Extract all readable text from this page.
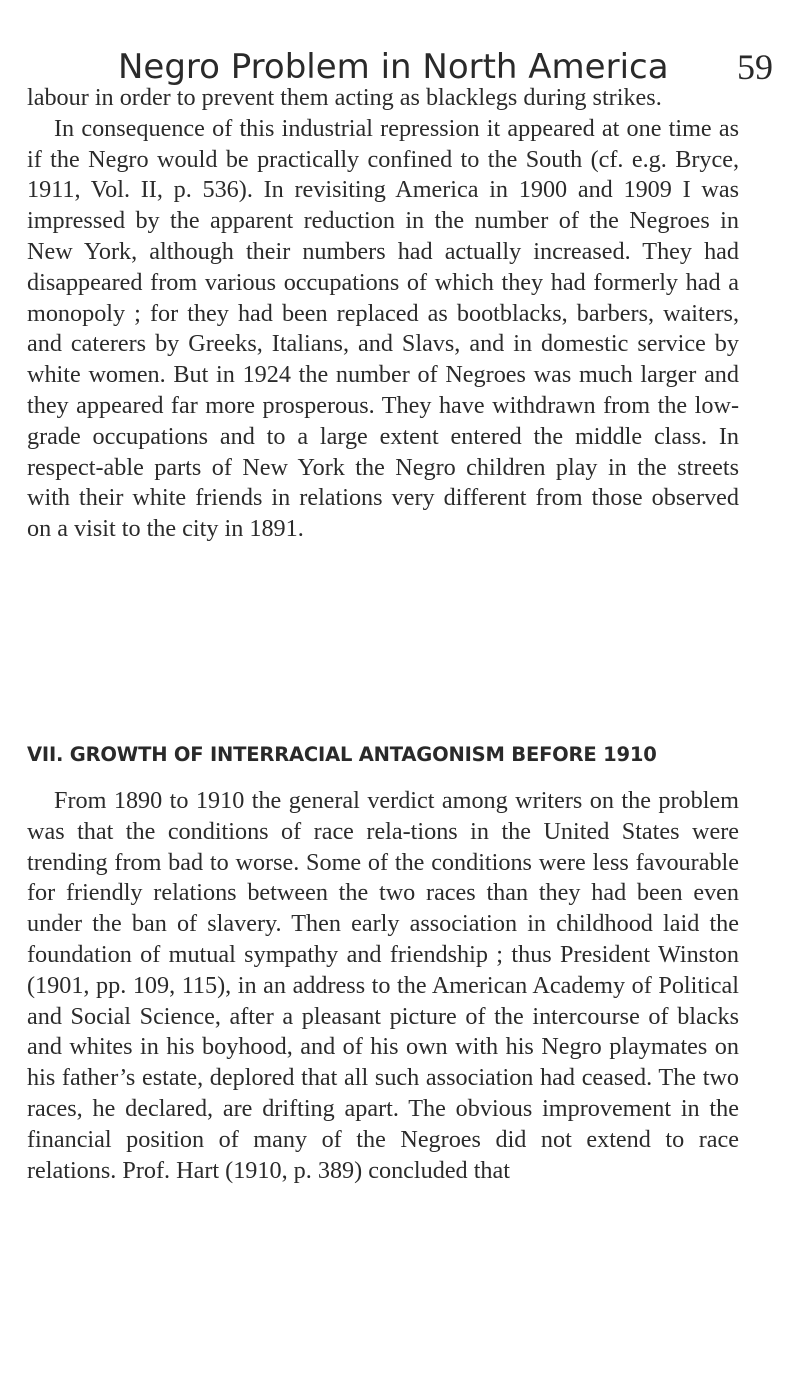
Negro Problem in North America 59

labour in order to prevent them acting as blacklegs during strikes.

In consequence of this industrial repression it appeared at one time as if the Negro would be practically confined to the South (cf. e.g. Bryce, 1911, Vol. II, p. 536). In revisiting America in 1900 and 1909 I was impressed by the apparent reduction in the number of the Negroes in New York, although their numbers had actually increased. They had disappeared from various occupations of which they had formerly had a monopoly ; for they had been replaced as bootblacks, barbers, waiters, and caterers by Greeks, Italians, and Slavs, and in domestic service by white women. But in 1924 the number of Negroes was much larger and they appeared far more prosperous. They have withdrawn from the low-grade occupations and to a large extent entered the middle class. In respect-able parts of New York the Negro children play in the streets with their white friends in relations very different from those observed on a visit to the city in 1891.

VII. GROWTH OF INTERRACIAL ANTAGONISM BEFORE 1910

From 1890 to 1910 the general verdict among writers on the problem was that the conditions of race rela-tions in the United States were trending from bad to worse. Some of the conditions were less favourable for friendly relations between the two races than they had been even under the ban of slavery. Then early association in childhood laid the foundation of mutual sympathy and friendship ; thus President Winston (1901, pp. 109, 115), in an address to the American Academy of Political and Social Science, after a pleasant picture of the intercourse of blacks and whites in his boyhood, and of his own with his Negro playmates on his father’s estate, deplored that all such association had ceased. The two races, he declared, are drifting apart. The obvious improvement in the financial position of many of the Negroes did not extend to race relations. Prof. Hart (1910, p. 389) concluded that
